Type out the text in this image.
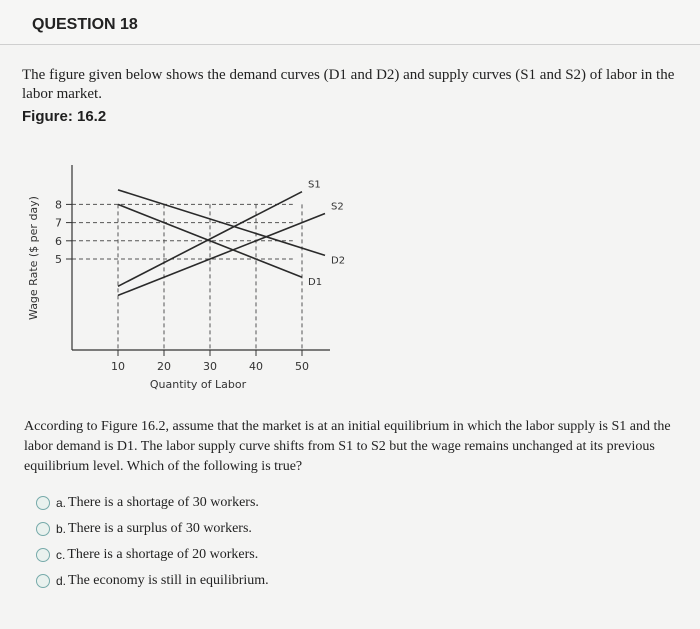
QUESTION 18
The figure given below shows the demand curves (D1 and D2) and supply curves (S1 and S2) of labor in the labor market.
Figure: 16.2
S1
S2
D1
D2
10	20	30	40	50
5
6
7
8
Quantity of Labor
Wage Rate ($ per day)
According to Figure 16.2, assume that the market is at an initial equilibrium in which the labor supply is S1 and the labor demand is D1. The labor supply curve shifts from S1 to S2 but the wage remains unchanged at its previous equilibrium level. Which of the following is true?
a. There is a shortage of 30 workers.
b. There is a surplus of 30 workers.
c. There is a shortage of 20 workers.
d. The economy is still in equilibrium.
